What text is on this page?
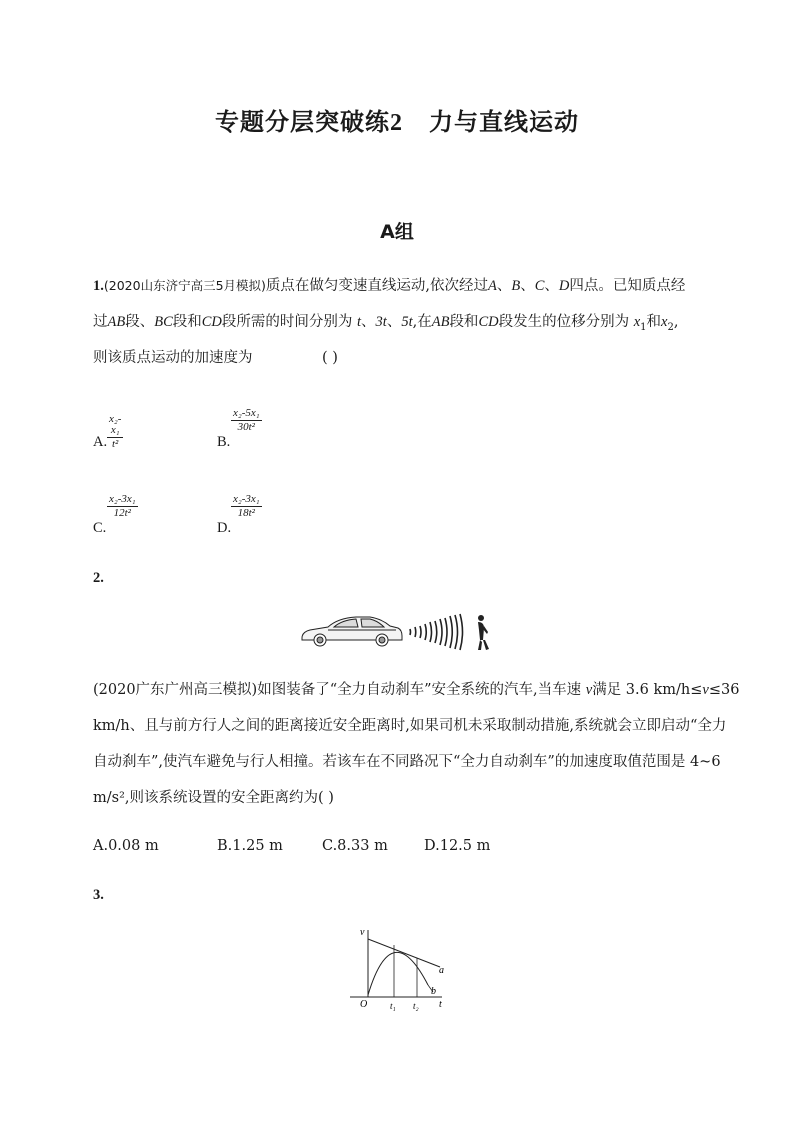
专题分层突破练2 力与直线运动
A组
1.(2020山东济宁高三5月模拟)质点在做匀变速直线运动,依次经过A、B、C、D四点。已知质点经
过AB段、BC段和CD段所需的时间分别为 t、3t、5t,在AB段和CD段发生的位移分别为 $x_1$和$x_2$,
则该质点运动的加速度为	( )
A. $\frac{\text{x₂-x₁}}{\text{t²}}$	B.
$\frac{\text{x₂-5x₁}}{\text{30t²}}$
C.
$\frac{\text{x₂-3x₁}}{\text{12t²}}$
D.
$\frac{\text{x₂-3x₁}}{\text{18t²}}$
2.
(2020广东广州高三模拟)如图装备了“全力自动刹车”安全系统的汽车,当车速 v满足 3.6 km/h≤v≤36
km/h、且与前方行人之间的距离接近安全距离时,如果司机未采取制动措施,系统就会立即启动“全力
自动刹车”,使汽车避免与行人相撞。若该车在不同路况下“全力自动刹车”的加速度取值范围是 4~6
m/s²,则该系统设置的安全距离约为( )
A.0.08 m	B.1.25 m	C.8.33 m D.12.5 m
3.
v
t
O	t₁ t₂
a
b
